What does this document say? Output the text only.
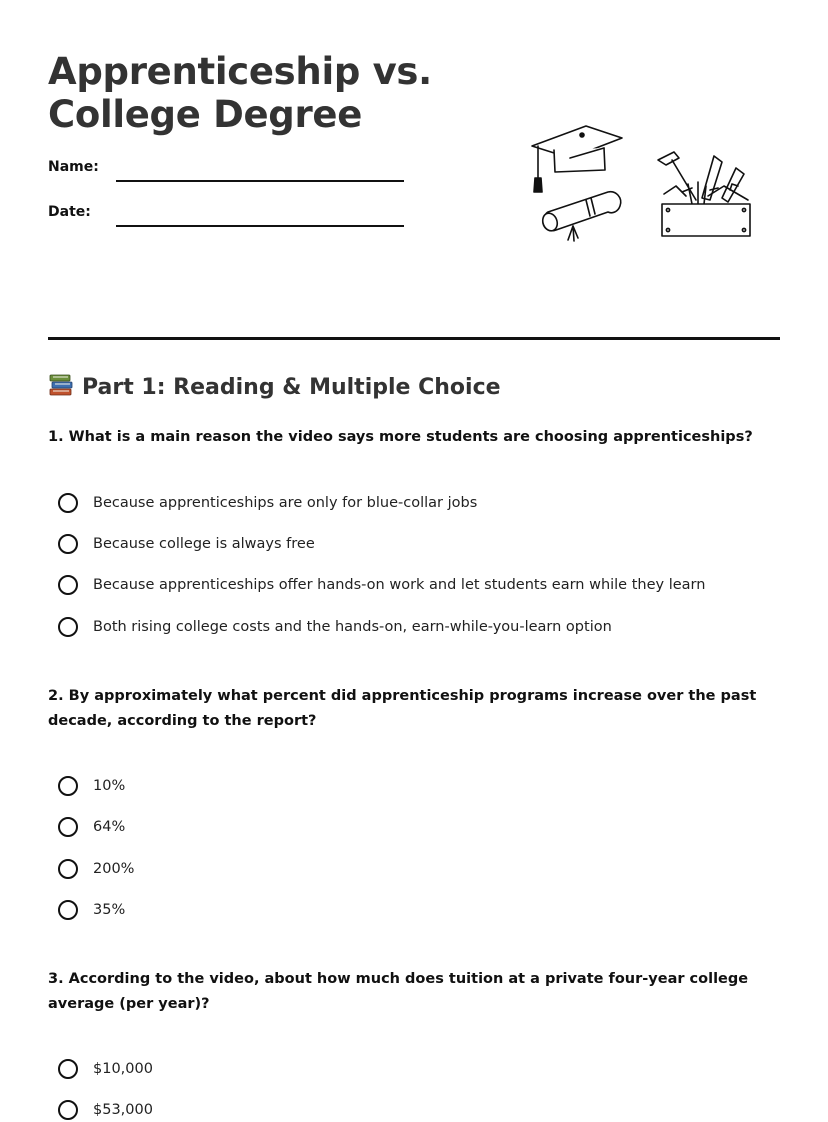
Apprenticeship vs.
College Degree
Name:
Date:
Part 1: Reading & Multiple Choice

1. What is a main reason the video says more students are choosing apprenticeships?

Because apprenticeships are only for blue-collar jobs
Because college is always free
Because apprenticeships offer hands-on work and let students earn while they learn
Both rising college costs and the hands-on, earn-while-you-learn option

2. By approximately what percent did apprenticeship programs increase over the past decade, according to the report?

10%
64%
200%
35%

3. According to the video, about how much does tuition at a private four-year college average (per year)?

$10,000
$53,000
